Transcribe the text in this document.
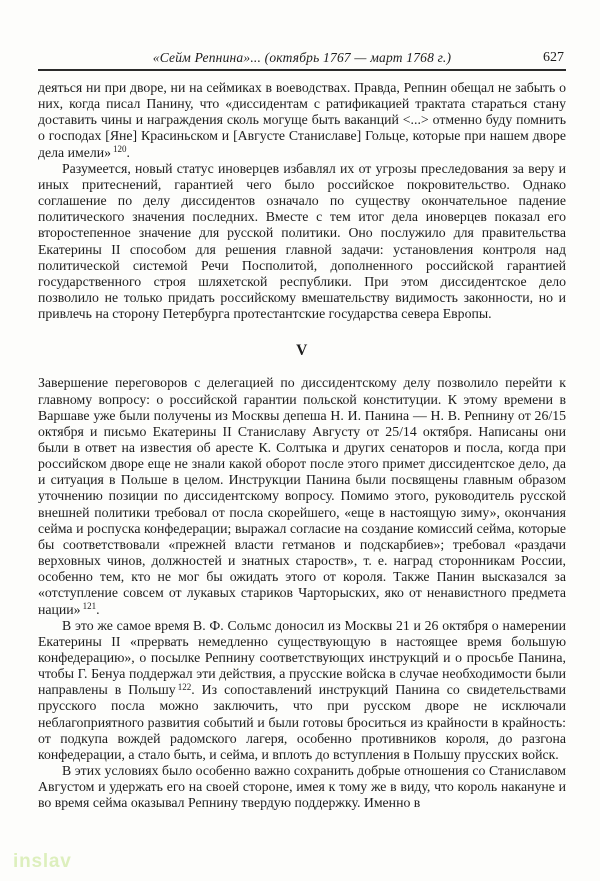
«Сейм Репнина»... (октябрь 1767 — март 1768 г.)	627

деяться ни при дворе, ни на сеймиках в воеводствах. Правда, Репнин обещал не забыть о них, когда писал Панину, что «диссидентам с ратификацией трактата стараться стану доставить чины и награждения сколь могуще быть ваканций <...> отменно буду помнить о господах [Яне] Красиньском и [Августе Станиславе] Гольце, которые при нашем дворе дела имели» $^{120}$.

Разумеется, новый статус иноверцев избавлял их от угрозы преследования за веру и иных притеснений, гарантией чего было российское покровительство. Однако соглашение по делу диссидентов означало по существу окончательное падение политического значения последних. Вместе с тем итог дела иноверцев показал его второстепенное значение для русской политики. Оно послужило для правительства Екатерины II способом для решения главной задачи: установления контроля над политической системой Речи Посполитой, дополненного российской гарантией государственного строя шляхетской республики. При этом диссидентское дело позволило не только придать российскому вмешательству видимость законности, но и привлечь на сторону Петербурга протестантские государства севера Европы.

V

Завершение переговоров с делегацией по диссидентскому делу позволило перейти к главному вопросу: о российской гарантии польской конституции. К этому времени в Варшаве уже были получены из Москвы депеша Н. И. Панина — Н. В. Репнину от 26/15 октября и письмо Екатерины II Станиславу Августу от 25/14 октября. Написаны они были в ответ на известия об аресте К. Солтыка и других сенаторов и посла, когда при российском дворе еще не знали какой оборот после этого примет диссидентское дело, да и ситуация в Польше в целом. Инструкции Панина были посвящены главным образом уточнению позиции по диссидентскому вопросу. Помимо этого, руководитель русской внешней политики требовал от посла скорейшего, «еще в настоящую зиму», окончания сейма и роспуска конфедерации; выражал согласие на создание комиссий сейма, которые бы соответствовали «прежней власти гетманов и подскарбиев»; требовал «раздачи верховных чинов, должностей и знатных староств», т. е. наград сторонникам России, особенно тем, кто не мог бы ожидать этого от короля. Также Панин высказался за «отступление совсем от лукавых стариков Чарторыских, яко от ненавистного предмета нации» $^{121}$.

В это же самое время В. Ф. Сольмс доносил из Москвы 21 и 26 октября о намерении Екатерины II «прервать немедленно существующую в настоящее время большую конфедерацию», о посылке Репнину соответствующих инструкций и о просьбе Панина, чтобы Г. Бенуа поддержал эти действия, а прусские войска в случае необходимости были направлены в Польшу $^{122}$. Из сопоставлений инструкций Панина со свидетельствами прусского посла можно заключить, что при русском дворе не исключали неблагоприятного развития событий и были готовы броситься из крайности в крайность: от подкупа вождей радомского лагеря, особенно противников короля, до разгона конфедерации, а стало быть, и сейма, и вплоть до вступления в Польшу прусских войск.

В этих условиях было особенно важно сохранить добрые отношения со Станиславом Августом и удержать его на своей стороне, имея к тому же в виду, что король накануне и во время сейма оказывал Репнину твердую поддержку. Именно в

inslav
